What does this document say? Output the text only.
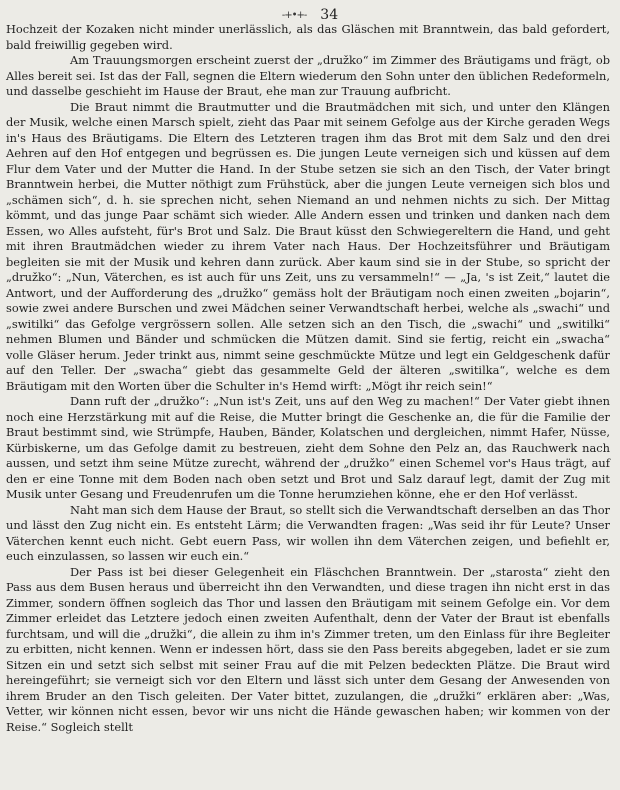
-+•+- 34

Hochzeit der Kozaken nicht minder unerlässlich, als das Gläschen mit Branntwein, das bald gefordert, bald freiwillig gegeben wird.

Am Trauungsmorgen erscheint zuerst der „družko“ im Zimmer des Bräutigams und frägt, ob Alles bereit sei. Ist das der Fall, segnen die Eltern wiederum den Sohn unter den üblichen Redeformeln, und dasselbe geschieht im Hause der Braut, ehe man zur Trauung aufbricht.

Die Braut nimmt die Brautmutter und die Brautmädchen mit sich, und unter den Klängen der Musik, welche einen Marsch spielt, zieht das Paar mit seinem Gefolge aus der Kirche geraden Wegs in's Haus des Bräutigams. Die Eltern des Letzteren tragen ihm das Brot mit dem Salz und den drei Aehren auf den Hof entgegen und begrüssen es. Die jungen Leute verneigen sich und küssen auf dem Flur dem Vater und der Mutter die Hand. In der Stube setzen sie sich an den Tisch, der Vater bringt Branntwein herbei, die Mutter nöthigt zum Frühstück, aber die jungen Leute verneigen sich blos und „schämen sich“, d. h. sie sprechen nicht, sehen Niemand an und nehmen nichts zu sich. Der Mittag kömmt, und das junge Paar schämt sich wieder. Alle Andern essen und trinken und danken nach dem Essen, wo Alles aufsteht, für's Brot und Salz. Die Braut küsst den Schwiegereltern die Hand, und geht mit ihren Brautmädchen wieder zu ihrem Vater nach Haus. Der Hochzeitsführer und Bräutigam begleiten sie mit der Musik und kehren dann zurück. Aber kaum sind sie in der Stube, so spricht der „družko“: „Nun, Väterchen, es ist auch für uns Zeit, uns zu versammeln!“ — „Ja, 's ist Zeit,“ lautet die Antwort, und der Aufforderung des „družko“ gemäss holt der Bräutigam noch einen zweiten „bojarin“, sowie zwei andere Burschen und zwei Mädchen seiner Verwandtschaft herbei, welche als „swachi“ und „switilki“ das Gefolge vergrössern sollen. Alle setzen sich an den Tisch, die „swachi“ und „switilki“ nehmen Blumen und Bänder und schmücken die Mützen damit. Sind sie fertig, reicht ein „swacha“ volle Gläser herum. Jeder trinkt aus, nimmt seine geschmückte Mütze und legt ein Geldgeschenk dafür auf den Teller. Der „swacha“ giebt das gesammelte Geld der älteren „switilka“, welche es dem Bräutigam mit den Worten über die Schulter in's Hemd wirft: „Mögt ihr reich sein!“

Dann ruft der „družko“: „Nun ist's Zeit, uns auf den Weg zu machen!“ Der Vater giebt ihnen noch eine Herzstärkung mit auf die Reise, die Mutter bringt die Geschenke an, die für die Familie der Braut bestimmt sind, wie Strümpfe, Hauben, Bänder, Kolatschen und dergleichen, nimmt Hafer, Nüsse, Kürbiskerne, um das Gefolge damit zu bestreuen, zieht dem Sohne den Pelz an, das Rauchwerk nach aussen, und setzt ihm seine Mütze zurecht, während der „družko“ einen Schemel vor's Haus trägt, auf den er eine Tonne mit dem Boden nach oben setzt und Brot und Salz darauf legt, damit der Zug mit Musik unter Gesang und Freudenrufen um die Tonne herumziehen könne, ehe er den Hof verlässt.

Naht man sich dem Hause der Braut, so stellt sich die Verwandtschaft derselben an das Thor und lässt den Zug nicht ein. Es entsteht Lärm; die Verwandten fragen: „Was seid ihr für Leute? Unser Väterchen kennt euch nicht. Gebt euern Pass, wir wollen ihn dem Väterchen zeigen, und befiehlt er, euch einzulassen, so lassen wir euch ein.“

Der Pass ist bei dieser Gelegenheit ein Fläschchen Branntwein. Der „starosta“ zieht den Pass aus dem Busen heraus und überreicht ihn den Verwandten, und diese tragen ihn nicht erst in das Zimmer, sondern öffnen sogleich das Thor und lassen den Bräutigam mit seinem Gefolge ein. Vor dem Zimmer erleidet das Letztere jedoch einen zweiten Aufenthalt, denn der Vater der Braut ist ebenfalls furchtsam, und will die „družki“, die allein zu ihm in's Zimmer treten, um den Einlass für ihre Begleiter zu erbitten, nicht kennen. Wenn er indessen hört, dass sie den Pass bereits abgegeben, ladet er sie zum Sitzen ein und setzt sich selbst mit seiner Frau auf die mit Pelzen bedeckten Plätze. Die Braut wird hereingeführt; sie verneigt sich vor den Eltern und lässt sich unter dem Gesang der Anwesenden von ihrem Bruder an den Tisch geleiten. Der Vater bittet, zuzulangen, die „družki“ erklären aber: „Was, Vetter, wir können nicht essen, bevor wir uns nicht die Hände gewaschen haben; wir kommen von der Reise.“ Sogleich stellt
